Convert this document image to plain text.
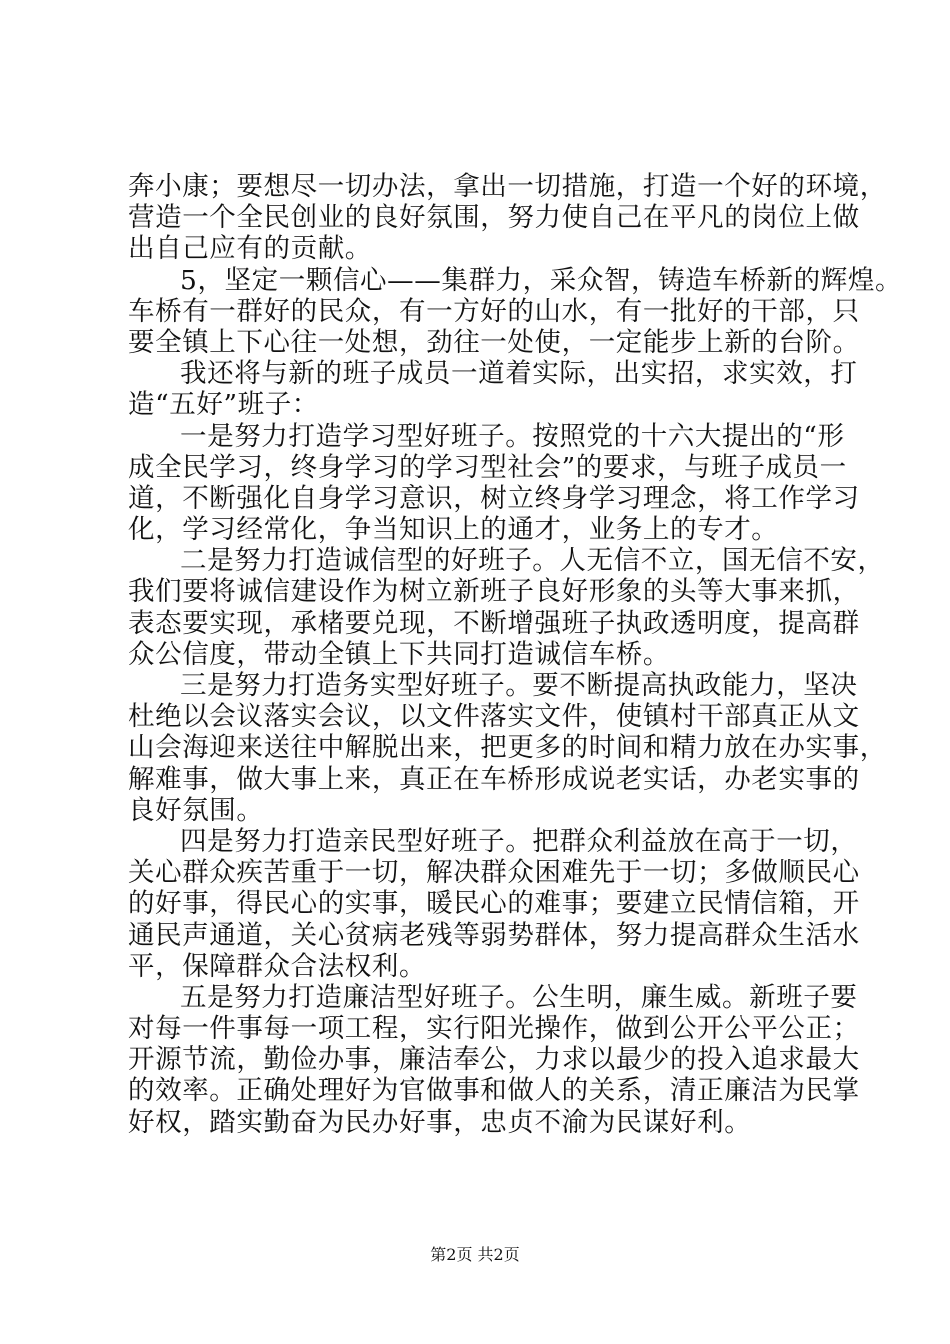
奔小康；要想尽一切办法，拿出一切措施，打造一个好的环境，
营造一个全民创业的良好氛围，努力使自己在平凡的岗位上做
出自己应有的贡献。
5，坚定一颗信心——集群力，采众智，铸造车桥新的辉煌。
车桥有一群好的民众，有一方好的山水，有一批好的干部，只
要全镇上下心往一处想，劲往一处使，一定能步上新的台阶。
我还将与新的班子成员一道着实际，出实招，求实效，打
造“五好”班子：
一是努力打造学习型好班子。按照党的十六大提出的“形
成全民学习，终身学习的学习型社会”的要求，与班子成员一
道，不断强化自身学习意识，树立终身学习理念，将工作学习
化，学习经常化，争当知识上的通才，业务上的专才。
二是努力打造诚信型的好班子。人无信不立，国无信不安，
我们要将诚信建设作为树立新班子良好形象的头等大事来抓，
表态要实现，承楮要兑现，不断增强班子执政透明度，提高群
众公信度，带动全镇上下共同打造诚信车桥。
三是努力打造务实型好班子。要不断提高执政能力，坚决
杜绝以会议落实会议，以文件落实文件，使镇村干部真正从文
山会海迎来送往中解脱出来，把更多的时间和精力放在办实事，
解难事，做大事上来，真正在车桥形成说老实话，办老实事的
良好氛围。
四是努力打造亲民型好班子。把群众利益放在高于一切，
关心群众疾苦重于一切，解决群众困难先于一切；多做顺民心
的好事，得民心的实事，暖民心的难事；要建立民情信箱，开
通民声通道，关心贫病老残等弱势群体，努力提高群众生活水
平，保障群众合法权利。
五是努力打造廉洁型好班子。公生明，廉生威。新班子要
对每一件事每一项工程，实行阳光操作，做到公开公平公正；
开源节流，勤俭办事，廉洁奉公，力求以最少的投入追求最大
的效率。正确处理好为官做事和做人的关系，清正廉洁为民掌
好权，踏实勤奋为民办好事，忠贞不渝为民谋好利。
第2页 共2页
